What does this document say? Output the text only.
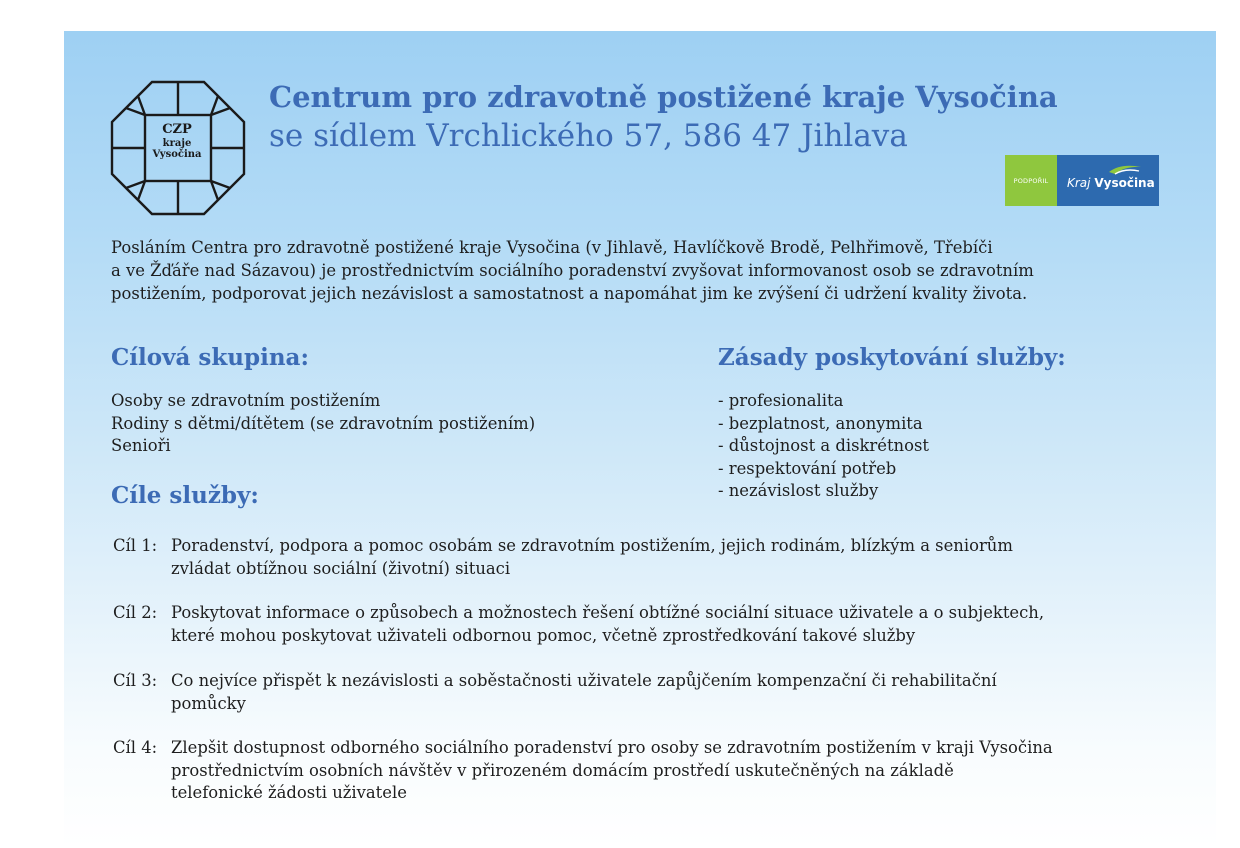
CZP
kraje
Vysočina
Centrum pro zdravotně postižené kraje Vysočina
se sídlem Vrchlického 57, 586 47 Jihlava
PODPOŘIL	Kraj Vysočina

Posláním Centra pro zdravotně postižené kraje Vysočina (v Jihlavě, Havlíčkově Brodě, Pelhřimově, Třebíči
a ve Žďáře nad Sázavou) je prostřednictvím sociálního poradenství zvyšovat informovanost osob se zdravotním
postižením, podporovat jejich nezávislost a samostatnost a napomáhat jim ke zvýšení či udržení kvality života.

Cílová skupina:
Osoby se zdravotním postižením
Rodiny s dětmi/dítětem (se zdravotním postižením)
Senioři
Zásady poskytování služby:
- profesionalita
- bezplatnost, anonymita
- důstojnost a diskrétnost
- respektování potřeb
- nezávislost služby
Cíle služby:
Cíl 1: Poradenství, podpora a pomoc osobám se zdravotním postižením, jejich rodinám, blízkým a seniorům
zvládat obtížnou sociální (životní) situaci
Cíl 2: Poskytovat informace o způsobech a možnostech řešení obtížné sociální situace uživatele a o subjektech,
které mohou poskytovat uživateli odbornou pomoc, včetně zprostředkování takové služby
Cíl 3: Co nejvíce přispět k nezávislosti a soběstačnosti uživatele zapůjčením kompenzační či rehabilitační
pomůcky
Cíl 4: Zlepšit dostupnost odborného sociálního poradenství pro osoby se zdravotním postižením v kraji Vysočina
prostřednictvím osobních návštěv v přirozeném domácím prostředí uskutečněných na základě
telefonické žádosti uživatele
